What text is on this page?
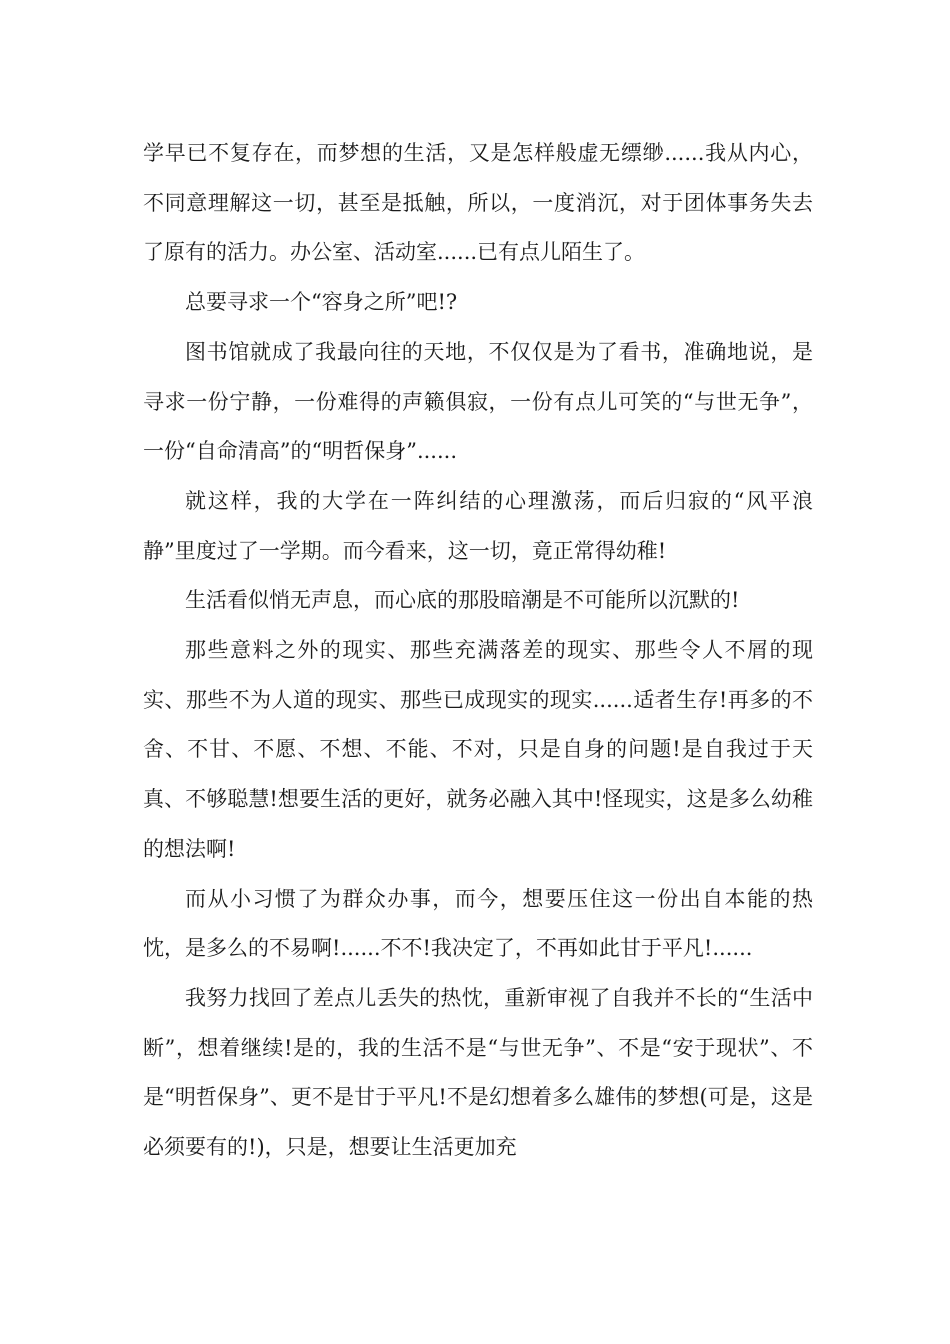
学早已不复存在，而梦想的生活，又是怎样般虚无缥缈......我从内心，不同意理解这一切，甚至是抵触，所以，一度消沉，对于团体事务失去了原有的活力。办公室、活动室......已有点儿陌生了。

总要寻求一个“容身之所”吧!?

图书馆就成了我最向往的天地，不仅仅是为了看书，准确地说，是寻求一份宁静，一份难得的声籁俱寂，一份有点儿可笑的“与世无争”，一份“自命清高”的“明哲保身”......

就这样，我的大学在一阵纠结的心理激荡，而后归寂的“风平浪静”里度过了一学期。而今看来，这一切，竟正常得幼稚!

生活看似悄无声息，而心底的那股暗潮是不可能所以沉默的!

那些意料之外的现实、那些充满落差的现实、那些令人不屑的现实、那些不为人道的现实、那些已成现实的现实......适者生存!再多的不舍、不甘、不愿、不想、不能、不对，只是自身的问题!是自我过于天真、不够聪慧!想要生活的更好，就务必融入其中!怪现实，这是多么幼稚的想法啊!

而从小习惯了为群众办事，而今，想要压住这一份出自本能的热忱，是多么的不易啊!......不不!我决定了，不再如此甘于平凡!......

我努力找回了差点儿丢失的热忱，重新审视了自我并不长的“生活中断”，想着继续!是的，我的生活不是“与世无争”、不是“安于现状”、不是“明哲保身”、更不是甘于平凡!不是幻想着多么雄伟的梦想(可是，这是必须要有的!)，只是，想要让生活更加充
